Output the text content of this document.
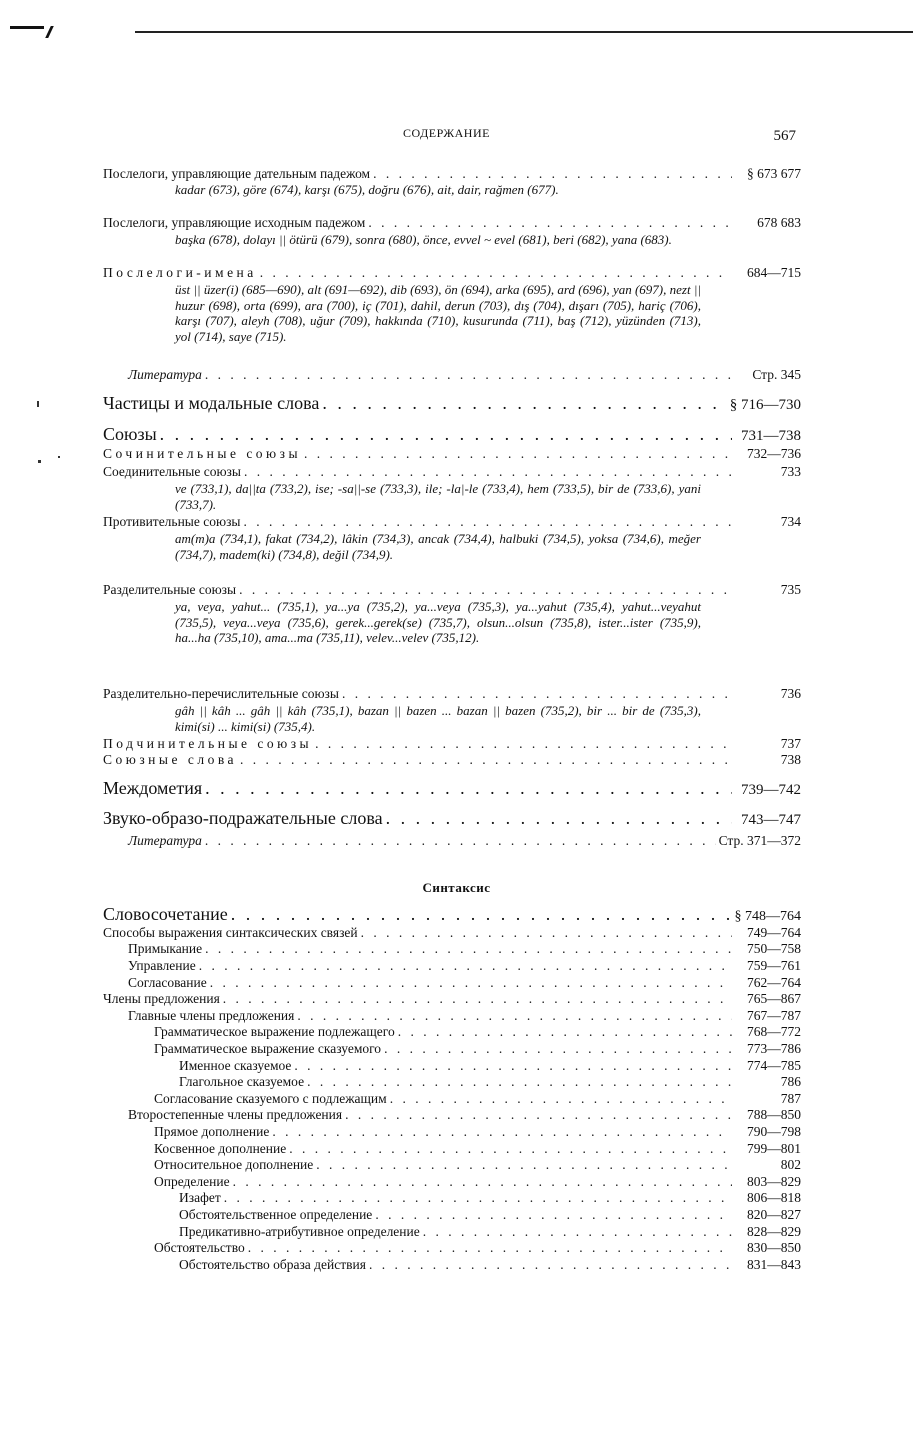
СОДЕРЖАНИЕ	567
Послелоги, управляющие дательным падежом . . .	§ 673 677
kadar (673), göre (674), karşı (675), doğru (676), ait, dair, rağmen (677).
Послелоги, управляющие исходным падежом . . .	678 683
başka (678), dolayı || ötürü (679), sonra (680), önce, evvel ~ evel (681), beri (682), yana (683).
Послелоги-имена . . .	684—715
üst || üzer(i) (685—690), alt (691—692), dib (693), ön (694), arka (695), ard (696), yan (697), nezt || huzur (698), orta (699), ara (700), iç (701), dahil, derun (703), dış (704), dışarı (705), hariç (706), karşı (707), aleyh (708), uğur (709), hakkında (710), kusurunda (711), baş (712), yüzünden (713), yol (714), saye (715).
Литература . . .	Стр. 345
Частицы и модальные слова . . .	§ 716—730
Союзы . . .	731—738
Сочинительные союзы . . .	732—736
Соединительные союзы . . .	733
ve (733,1), da||ta (733,2), ise; -sa||-se (733,3), ile; -la|-le (733,4), hem (733,5), bir de (733,6), yani (733,7).
Противительные союзы . . .	734
am(m)a (734,1), fakat (734,2), lâkin (734,3), ancak (734,4), halbuki (734,5), yoksa (734,6), meğer (734,7), madem(ki) (734,8), değil (734,9).
Разделительные союзы . . .	735
ya, veya, yahut... (735,1), ya...ya (735,2), ya...veya (735,3), ya...yahut (735,4), yahut...veyahut (735,5), veya...veya (735,6), gerek...gerek(se) (735,7), olsun...olsun (735,8), ister...ister (735,9), ha...ha (735,10), ama...ma (735,11), velev...velev (735,12).
Разделительно-перечислительные союзы . . .	736
gâh || kâh ... gâh || kâh (735,1), bazan || bazen ... bazan || bazen (735,2), bir ... bir de (735,3), kimi(si) ... kimi(si) (735,4).
Подчинительные союзы . . .	737
Союзные слова . . .	738
Междометия . . .	739—742
Звуко-образо-подражательные слова . . .	743—747
Литература . . .	Стр. 371—372
Синтаксис
Словосочетание . . .	§ 748—764
Способы выражения синтаксических связей . . .	749—764
Примыкание . . .	750—758
Управление . . .	759—761
Согласование . . .	762—764
Члены предложения . . .	765—867
Главные члены предложения . . .	767—787
Грамматическое выражение подлежащего . . .	768—772
Грамматическое выражение сказуемого . . .	773—786
Именное сказуемое . . .	774—785
Глагольное сказуемое . . .	786
Согласование сказуемого с подлежащим . . .	787
Второстепенные члены предложения . . .	788—850
Прямое дополнение . . .	790—798
Косвенное дополнение . . .	799—801
Относительное дополнение . . .	802
Определение . . .	803—829
Изафет . . .	806—818
Обстоятельственное определение . . .	820—827
Предикативно-атрибутивное определение . . .	828—829
Обстоятельство . . .	830—850
Обстоятельство образа действия . . .	831—843
